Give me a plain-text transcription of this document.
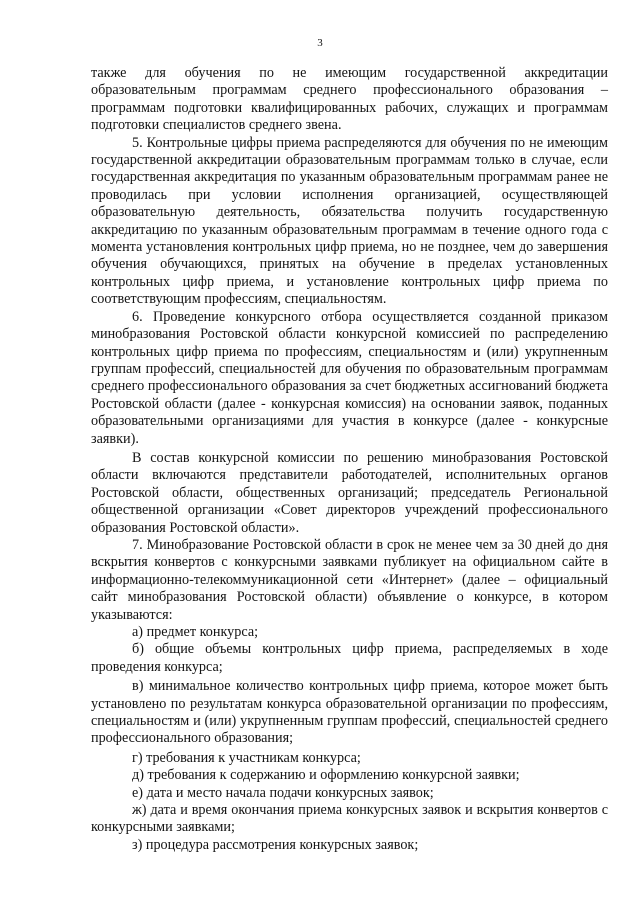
3

также для обучения по не имеющим государственной аккредитации образовательным программам среднего профессионального образования – программам подготовки квалифицированных рабочих, служащих и программам подготовки специалистов среднего звена.

5. Контрольные цифры приема распределяются для обучения по не имеющим государственной аккредитации образовательным программам только в случае, если государственная аккредитация по указанным образовательным программам ранее не проводилась при условии исполнения организацией, осуществляющей образовательную деятельность, обязательства получить государственную аккредитацию по указанным образовательным программам в течение одного года с момента установления контрольных цифр приема, но не позднее, чем до завершения обучения обучающихся, принятых на обучение в пределах установленных контрольных цифр приема, и установление контрольных цифр приема по соответствующим профессиям, специальностям.

6. Проведение конкурсного отбора осуществляется созданной приказом минобразования Ростовской области конкурсной комиссией по распределению контрольных цифр приема по профессиям, специальностям и (или) укрупненным группам профессий, специальностей для обучения по образовательным программам среднего профессионального образования за счет бюджетных ассигнований бюджета Ростовской области (далее - конкурсная комиссия) на основании заявок, поданных образовательными организациями для участия в конкурсе (далее - конкурсные заявки).

В состав конкурсной комиссии по решению минобразования Ростовской области включаются представители работодателей, исполнительных органов Ростовской области, общественных организаций; председатель Региональной общественной организации «Совет директоров учреждений профессионального образования Ростовской области».

7. Минобразование Ростовской области в срок не менее чем за 30 дней до дня вскрытия конвертов с конкурсными заявками публикует на официальном сайте в информационно-телекоммуникационной сети «Интернет» (далее – официальный сайт минобразования Ростовской области) объявление о конкурсе, в котором указываются:

а) предмет конкурса;

б) общие объемы контрольных цифр приема, распределяемых в ходе проведения конкурса;

в) минимальное количество контрольных цифр приема, которое может быть установлено по результатам конкурса образовательной организации по профессиям, специальностям и (или) укрупненным группам профессий, специальностей среднего профессионального образования;

г) требования к участникам конкурса;

д) требования к содержанию и оформлению конкурсной заявки;

е) дата и место начала подачи конкурсных заявок;

ж) дата и время окончания приема конкурсных заявок и вскрытия конвертов с конкурсными заявками;

з) процедура рассмотрения конкурсных заявок;
